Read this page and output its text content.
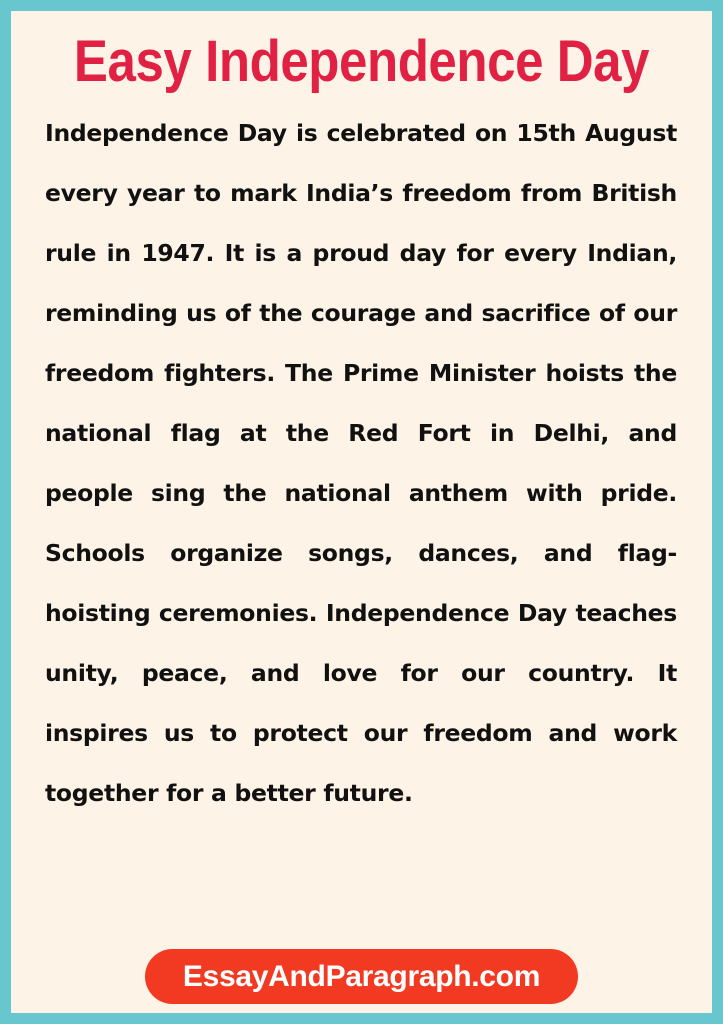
Easy Independence Day

Independence Day is celebrated on 15th August every year to mark India’s freedom from British rule in 1947. It is a proud day for every Indian, reminding us of the courage and sacrifice of our freedom fighters. The Prime Minister hoists the national flag at the Red Fort in Delhi, and people sing the national anthem with pride. Schools organize songs, dances, and flag-hoisting ceremonies. Independence Day teaches unity, peace, and love for our country. It inspires us to protect our freedom and work together for a better future.

EssayAndParagraph.com
